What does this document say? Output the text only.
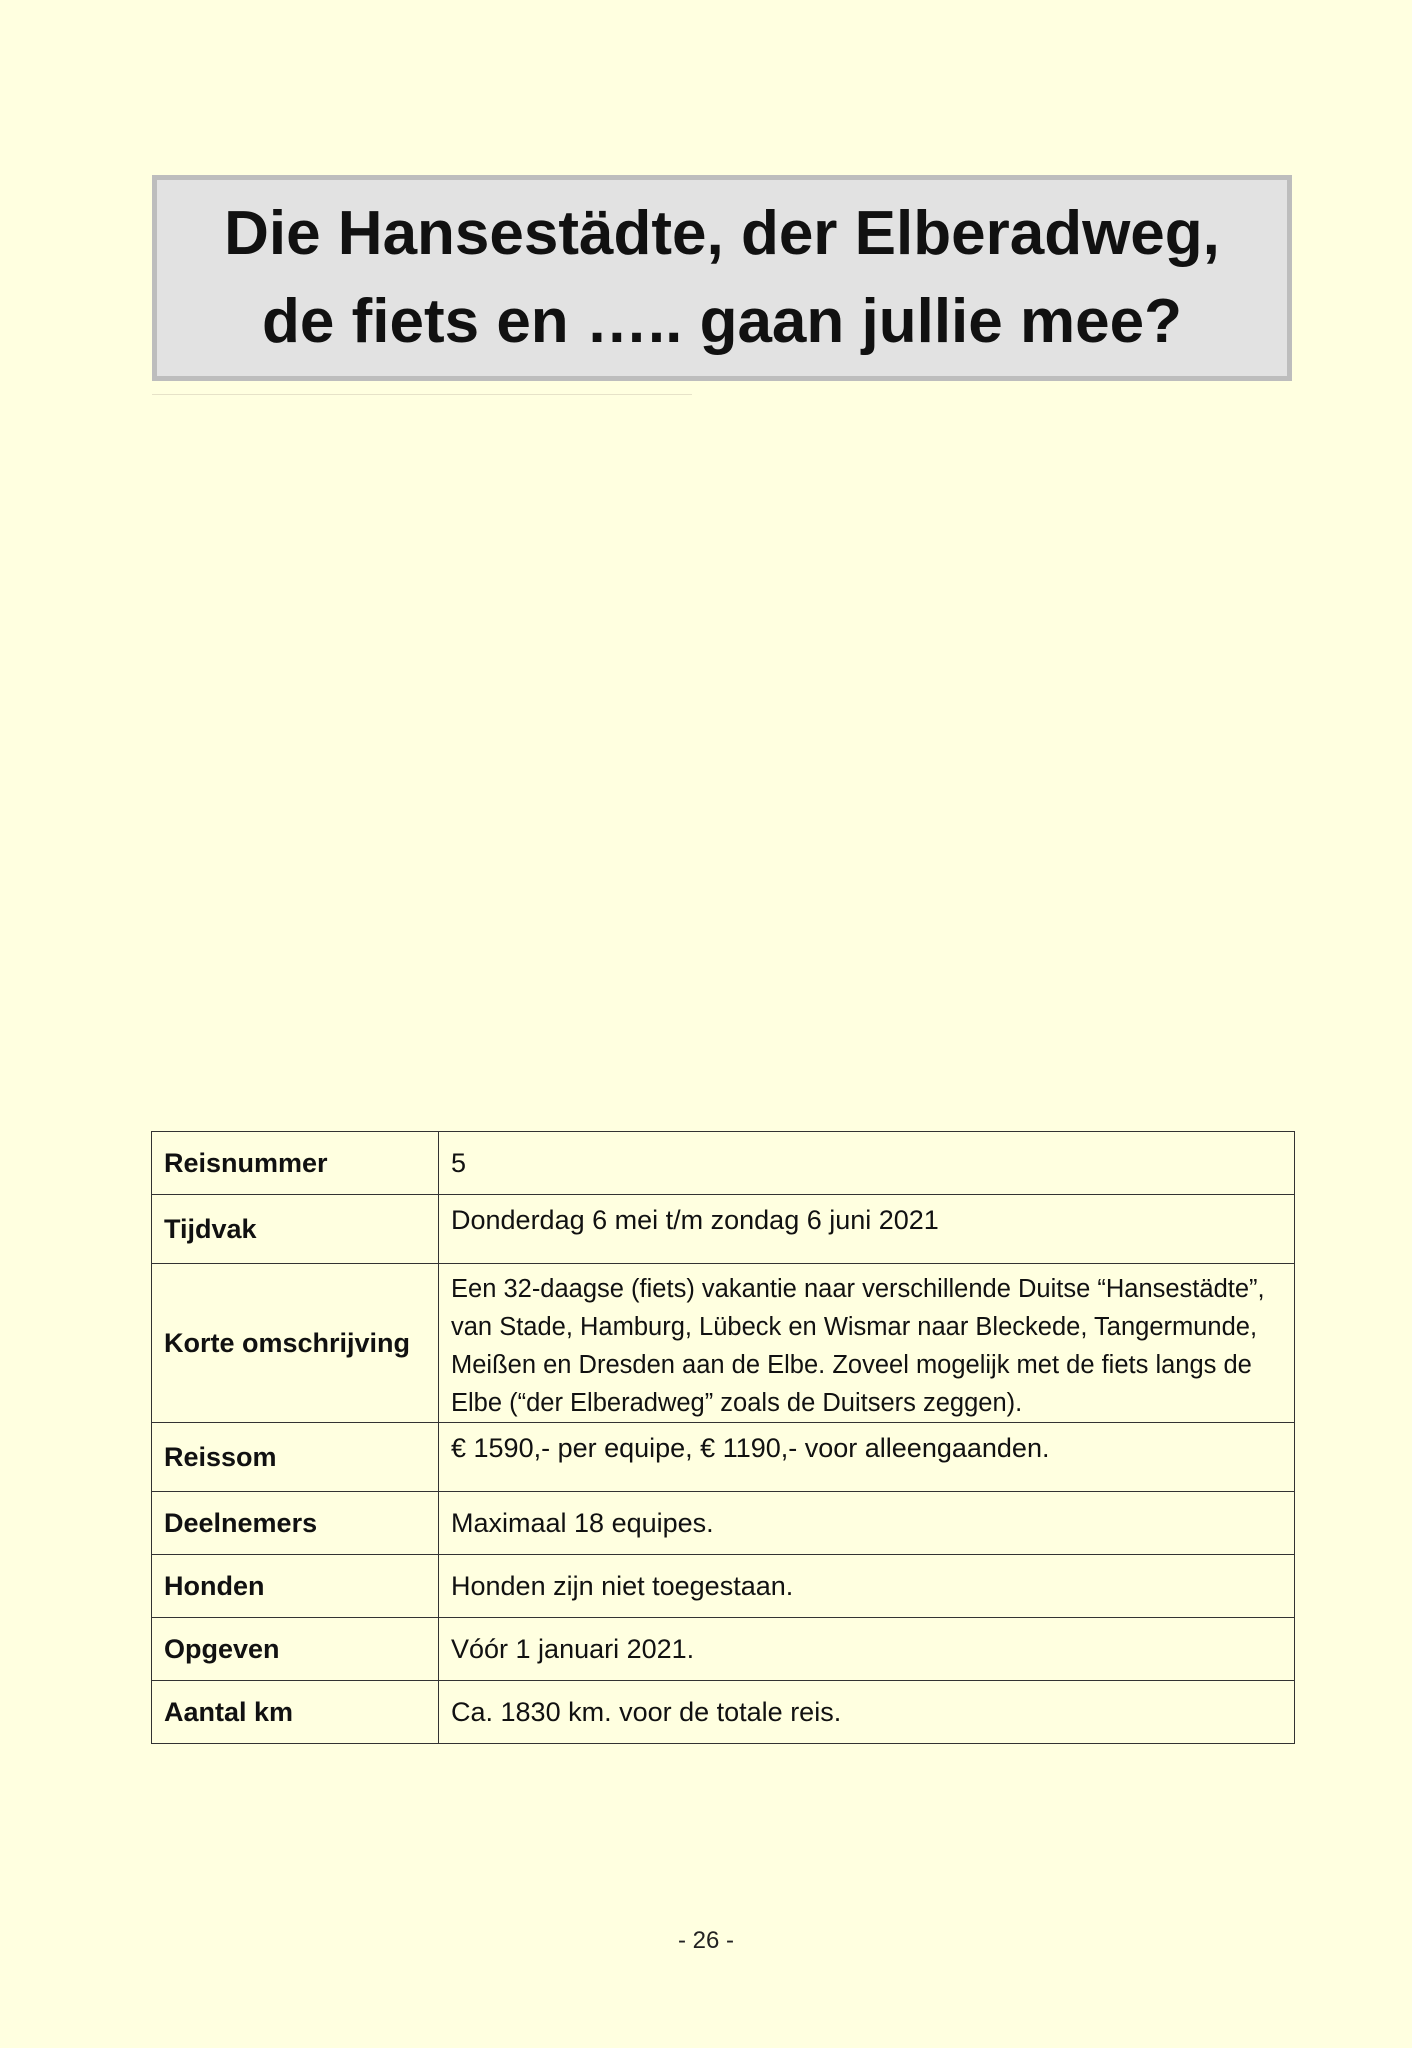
Die Hansestädte, der Elberadweg, de fiets en ….. gaan jullie mee?
Reisnummer	5
Tijdvak	Donderdag 6 mei t/m zondag 6 juni 2021
Korte omschrijving	Een 32-daagse (fiets) vakantie naar verschillende Duitse “Hansestädte”, van Stade, Hamburg, Lübeck en Wismar naar Bleckede, Tangermunde, Meißen en Dresden aan de Elbe. Zoveel mogelijk met de fiets langs de Elbe (“der Elberadweg” zoals de Duitsers zeggen).
Reissom	€ 1590,- per equipe, € 1190,- voor alleengaanden.
Deelnemers	Maximaal 18 equipes.
Honden	Honden zijn niet toegestaan.
Opgeven	Vóór 1 januari 2021.
Aantal km	Ca. 1830 km. voor de totale reis.
- 26 -
